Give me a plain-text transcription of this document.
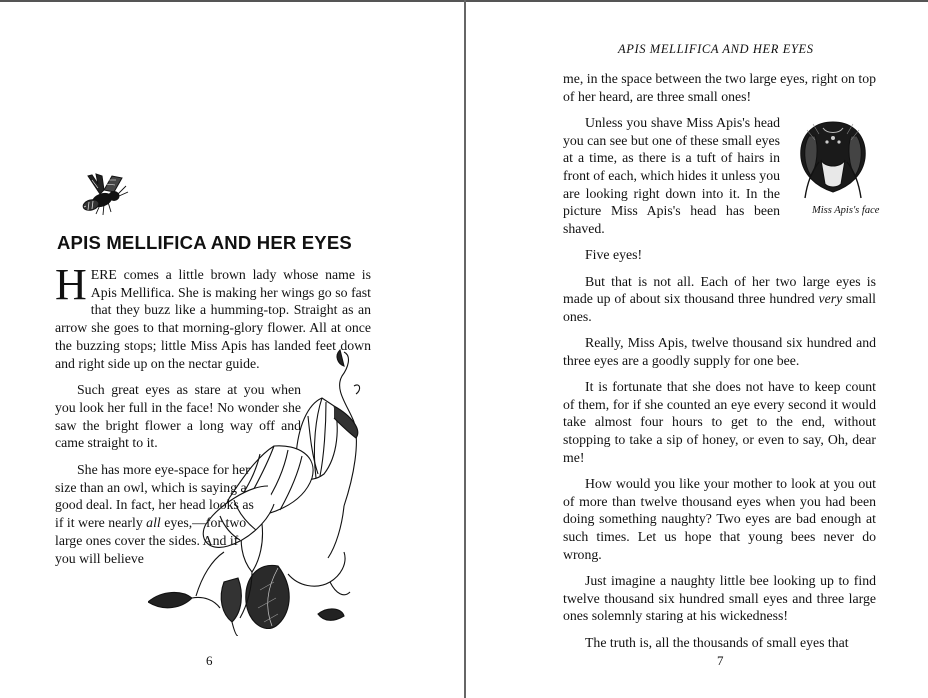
APIS MELLIFICA AND HER EYES

HERE comes a little brown lady whose name is Apis Mellifica. She is making her wings go so fast that they buzz like a humming-top. Straight as an arrow she goes to that morning-glory flower. All at once the buzzing stops; little Miss Apis has landed feet down and right side up on the nectar guide.

Such great eyes as stare at you when you look her full in the face! No wonder she saw the bright flower a long way off and came straight to it.

She has more eye-space for her size than an owl, which is saying a good deal. In fact, her head looks as if it were nearly all eyes,—for two large ones cover the sides. And if you will believe

6
APIS MELLIFICA AND HER EYES

me, in the space between the two large eyes, right on top of her heard, are three small ones!

Miss Apis's face
Unless you shave Miss Apis's head you can see but one of these small eyes at a time, as there is a tuft of hairs in front of each, which hides it unless you are looking right down into it. In the picture Miss Apis's head has been shaved.

Five eyes!

But that is not all. Each of her two large eyes is made up of about six thousand three hundred very small ones.

Really, Miss Apis, twelve thousand six hundred and three eyes are a goodly supply for one bee.

It is fortunate that she does not have to keep count of them, for if she counted an eye every second it would take almost four hours to get to the end, without stopping to take a sip of honey, or even to say, Oh, dear me!

How would you like your mother to look at you out of more than twelve thousand eyes when you had been doing something naughty? Two eyes are bad enough at such times. Let us hope that young bees never do wrong.

Just imagine a naughty little bee looking up to find twelve thousand six hundred small eyes and three large ones solemnly staring at his wickedness!

The truth is, all the thousands of small eyes that

7
